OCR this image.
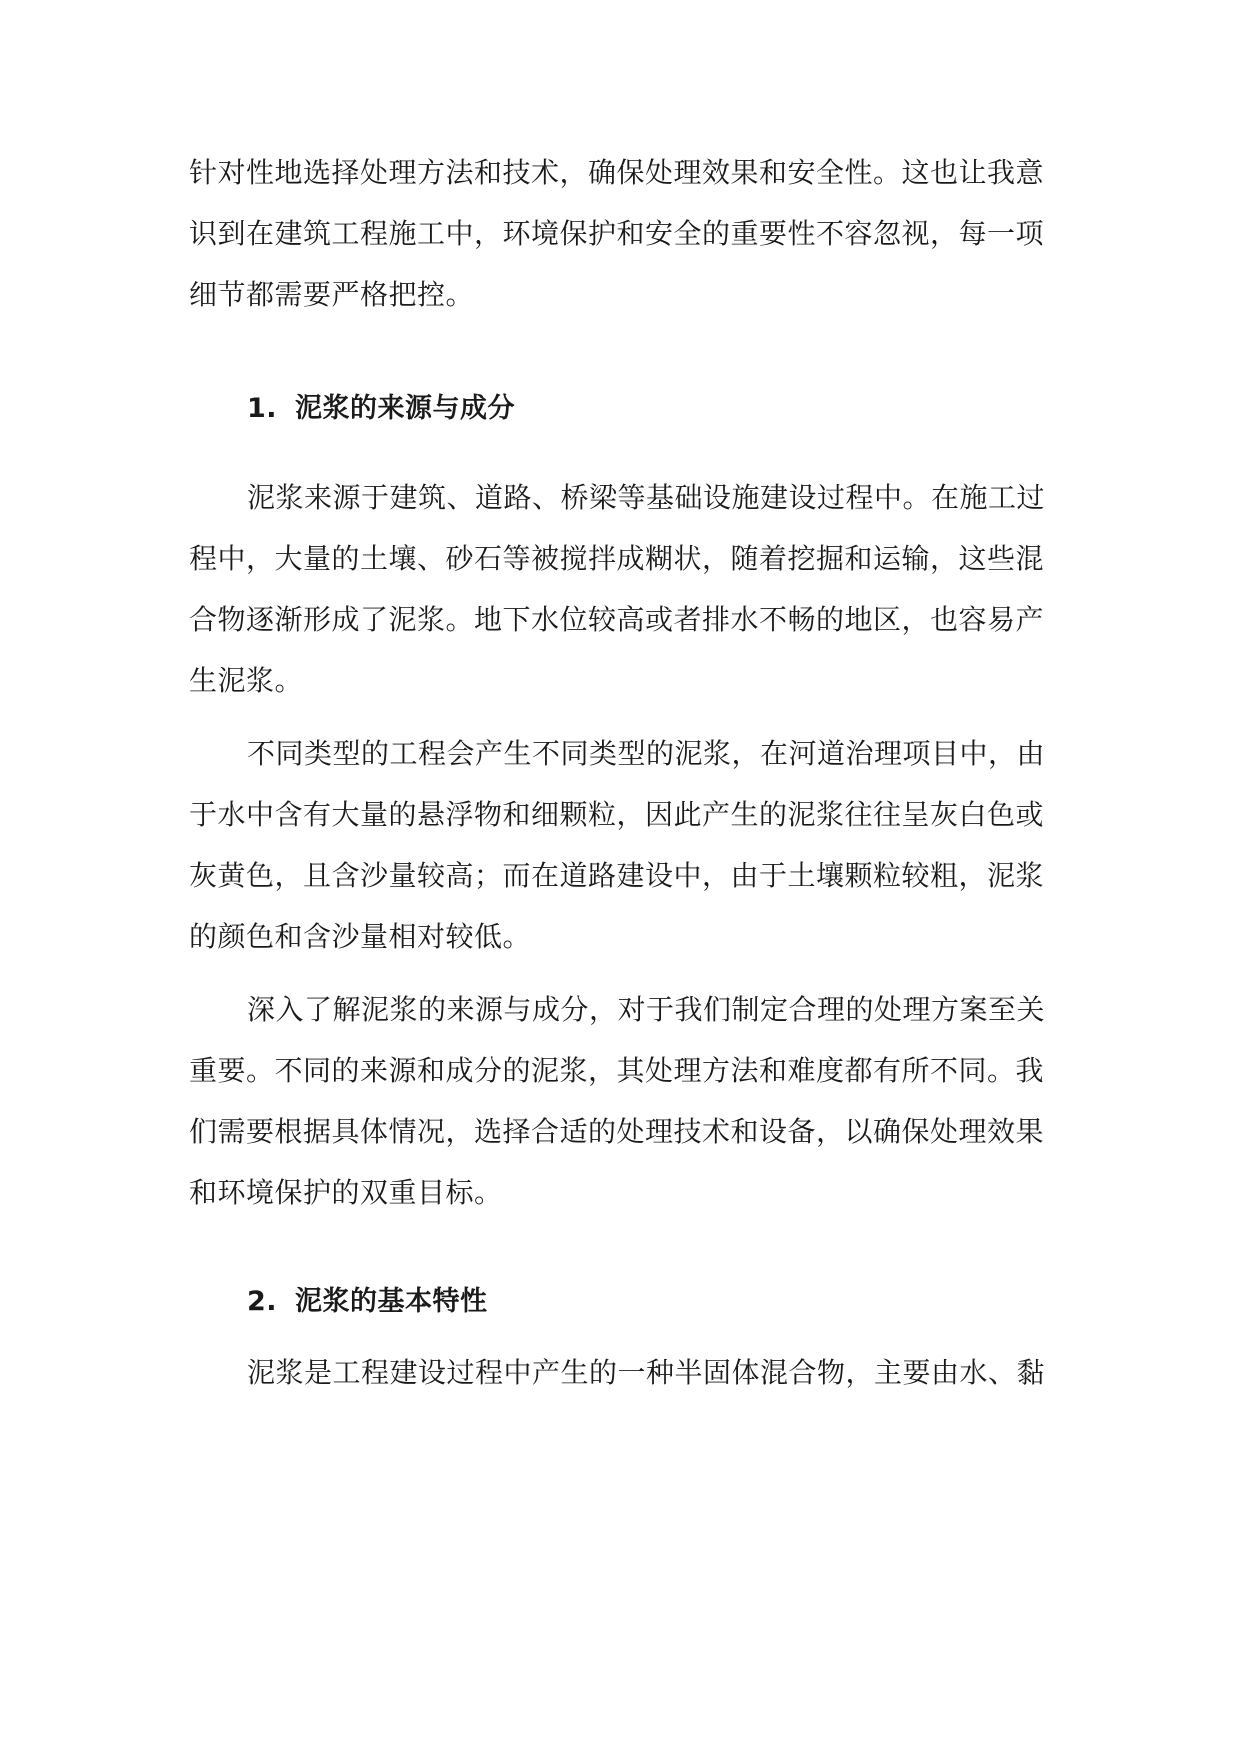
针对性地选择处理方法和技术，确保处理效果和安全性。这也让我意
识到在建筑工程施工中，环境保护和安全的重要性不容忽视，每一项
细节都需要严格把控。
1. 泥浆的来源与成分
泥浆来源于建筑、道路、桥梁等基础设施建设过程中。在施工过
程中，大量的土壤、砂石等被搅拌成糊状，随着挖掘和运输，这些混
合物逐渐形成了泥浆。地下水位较高或者排水不畅的地区，也容易产
生泥浆。
不同类型的工程会产生不同类型的泥浆，在河道治理项目中，由
于水中含有大量的悬浮物和细颗粒，因此产生的泥浆往往呈灰白色或
灰黄色，且含沙量较高；而在道路建设中，由于土壤颗粒较粗，泥浆
的颜色和含沙量相对较低。
深入了解泥浆的来源与成分，对于我们制定合理的处理方案至关
重要。不同的来源和成分的泥浆，其处理方法和难度都有所不同。我
们需要根据具体情况，选择合适的处理技术和设备，以确保处理效果
和环境保护的双重目标。
2. 泥浆的基本特性
泥浆是工程建设过程中产生的一种半固体混合物，主要由水、黏
